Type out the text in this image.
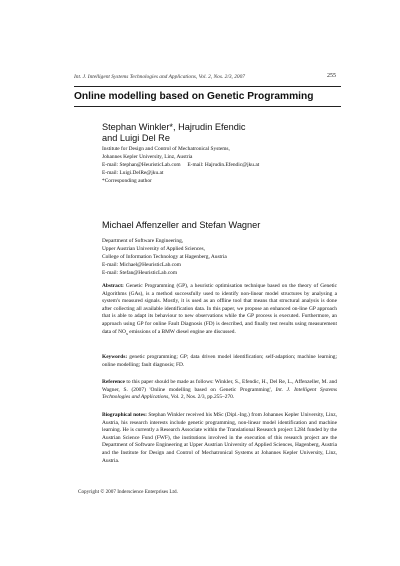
Int. J. Intelligent Systems Technologies and Applications, Vol. 2, Nos. 2/3, 2007	255
Online modelling based on Genetic Programming
Stephan Winkler*, Hajrudin Efendic
and Luigi Del Re
Institute for Design and Control of Mechatronical Systems,
Johannes Kepler University, Linz, Austria
E-mail: Stephan@HeuristicLab.com     E-mail: Hajrudin.Efendic@jku.at
E-mail: Luigi.DelRe@jku.at
*Corresponding author
Michael Affenzeller and Stefan Wagner
Department of Software Engineering,
Upper Austrian University of Applied Sciences,
College of Information Technology at Hagenberg, Austria
E-mail: Michael@HeuristicLab.com
E-mail: Stefan@HeuristicLab.com
Abstract: Genetic Programming (GP), a heuristic optimisation technique based on the theory of Genetic Algorithms (GAs), is a method successfully used to identify non-linear model structures by analysing a system's measured signals. Mostly, it is used as an offline tool that means that structural analysis is done after collecting all available identification data. In this paper, we propose an enhanced on-line GP approach that is able to adapt its behaviour to new observations while the GP process is executed. Furthermore, an approach using GP for online Fault Diagnosis (FD) is described, and finally test results using measurement data of $NO_x$ emissions of a BMW diesel engine are discussed.
Keywords: genetic programming; GP; data driven model identification; self-adaption; machine learning; online modelling; fault diagnosis; FD.
Reference to this paper should be made as follows: Winkler, S., Efendic, H., Del Re, L., Affenzeller, M. and Wagner, S. (2007) 'Online modelling based on Genetic Programming', Int. J. Intelligent Systems Technologies and Applications, Vol. 2, Nos. 2/3, pp.255–270.
Biographical notes: Stephan Winkler received his MSc (Dipl.-Ing.) from Johannes Kepler University, Linz, Austria, his research interests include genetic programming, non-linear model identification and machine learning. He is currently a Research Associate within the Translational Research project L284 funded by the Austrian Science Fund (FWF), the institutions involved in the execution of this research project are the Department of Software Engineering at Upper Austrian University of Applied Sciences, Hagenberg, Austria and the Institute for Design and Control of Mechatronical Systems at Johannes Kepler University, Linz, Austria.
Copyright © 2007 Inderscience Enterprises Ltd.
